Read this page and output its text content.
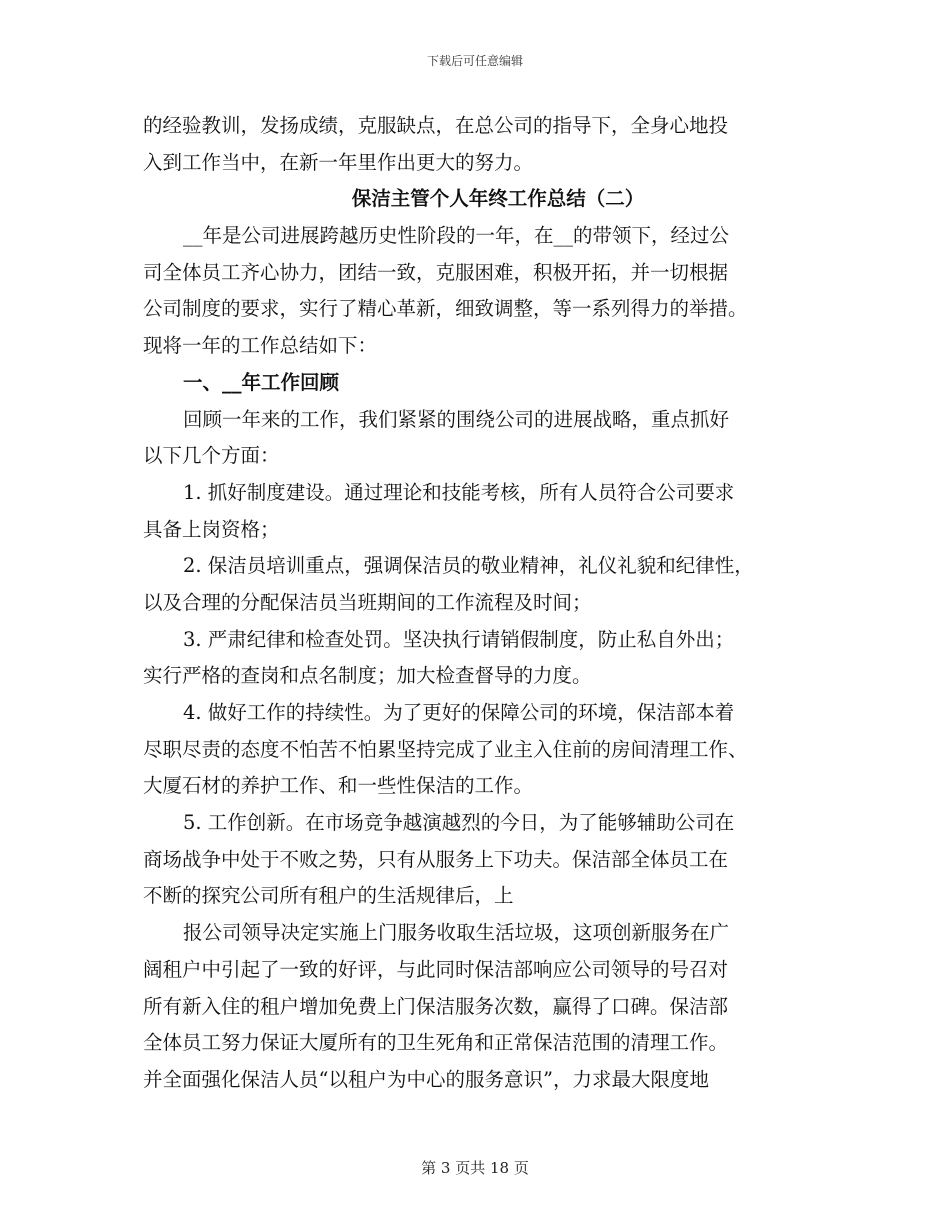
下载后可任意编辑
的经验教训，发扬成绩，克服缺点，在总公司的指导下，全身心地投
入到工作当中，在新一年里作出更大的努力。
保洁主管个人年终工作总结（二）
__年是公司进展跨越历史性阶段的一年，在__的带领下，经过公
司全体员工齐心协力，团结一致，克服困难，积极开拓，并一切根据
公司制度的要求，实行了精心革新，细致调整，等一系列得力的举措。
现将一年的工作总结如下：
一、__年工作回顾
回顾一年来的工作，我们紧紧的围绕公司的进展战略，重点抓好
以下几个方面：
1. 抓好制度建设。通过理论和技能考核，所有人员符合公司要求
具备上岗资格；
2. 保洁员培训重点，强调保洁员的敬业精神，礼仪礼貌和纪律性，
以及合理的分配保洁员当班期间的工作流程及时间；
3. 严肃纪律和检查处罚。坚决执行请销假制度，防止私自外出；
实行严格的查岗和点名制度；加大检查督导的力度。
4. 做好工作的持续性。为了更好的保障公司的环境，保洁部本着
尽职尽责的态度不怕苦不怕累坚持完成了业主入住前的房间清理工作、
大厦石材的养护工作、和一些性保洁的工作。
5. 工作创新。在市场竞争越演越烈的今日，为了能够辅助公司在
商场战争中处于不败之势，只有从服务上下功夫。保洁部全体员工在
不断的探究公司所有租户的生活规律后，上
报公司领导决定实施上门服务收取生活垃圾，这项创新服务在广
阔租户中引起了一致的好评，与此同时保洁部响应公司领导的号召对
所有新入住的租户增加免费上门保洁服务次数，赢得了口碑。保洁部
全体员工努力保证大厦所有的卫生死角和正常保洁范围的清理工作。
并全面强化保洁人员“以租户为中心的服务意识”，力求最大限度地
第 3 页共 18 页
